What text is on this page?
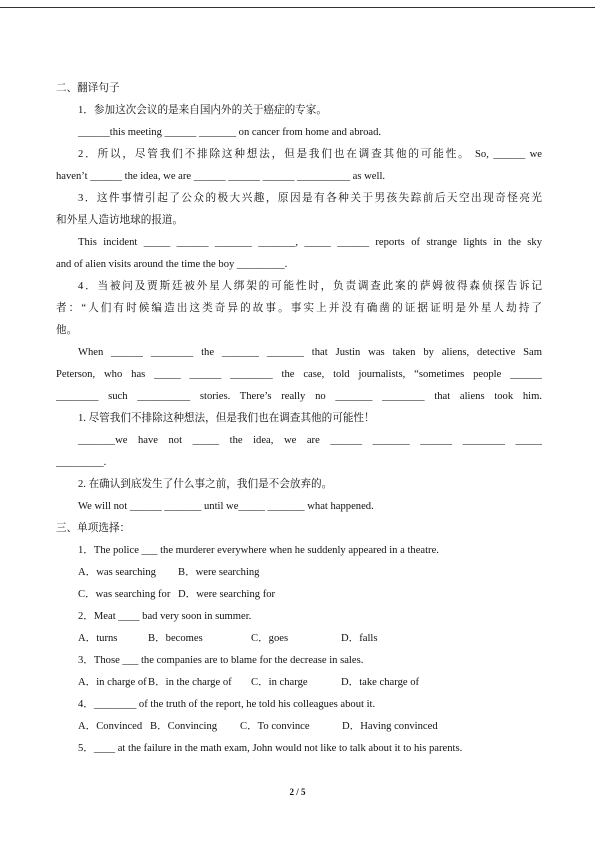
二、翻译句子
1．参加这次会议的是来自国内外的关于癌症的专家。
______this meeting ______ _______ on cancer from home and abroad.
2．所以，尽管我们不排除这种想法，但是我们也在调查其他的可能性。 So, ______ we
haven’t ______ the idea, we are ______ ______ ______ __________ as well.
3．这件事情引起了公众的极大兴趣，原因是有各种关于男孩失踪前后天空出现奇怪亮光
和外星人造访地球的报道。
This incident _____ ______ _______ _______, _____ ______ reports of strange lights in the sky
and of alien visits around the time the boy _________.
4．当被问及贾斯廷被外星人绑架的可能性时，负责调查此案的萨姆彼得森侦探告诉记
者：“人们有时候编造出这类奇异的故事。事实上并没有确凿的证据证明是外星人劫持了
他。
When ______ ________ the _______ _______ that Justin was taken by aliens, detective Sam
Peterson, who has _____ ______ ________ the case, told journalists, “sometimes people ______
________ such __________ stories. There’s really no _______ ________ that aliens took him.
1. 尽管我们不排除这种想法，但是我们也在调查其他的可能性！
_______we have not _____ the idea, we are ______ _______ ______ ________ _____
_________.
2. 在确认到底发生了什么事之前，我们是不会放弃的。
We will not ______ _______ until we_____ _______ what happened.
三、单项选择：
1．The police ___ the murderer everywhere when he suddenly appeared in a theatre.
A．was searching	B．were searching
C．was searching for D．were searching for
2．Meat ____ bad very soon in summer.
A．turns	B．becomes	C．goes	D．falls
3．Those ___ the companies are to blame for the decrease in sales.
A．in charge of B．in the charge of	C．in charge	D．take charge of
4．________ of the truth of the report, he told his colleagues about it.
A．Convinced B．Convincing	C．To convince	D．Having convinced
5．____ at the failure in the math exam, John would not like to talk about it to his parents.
2 / 5
